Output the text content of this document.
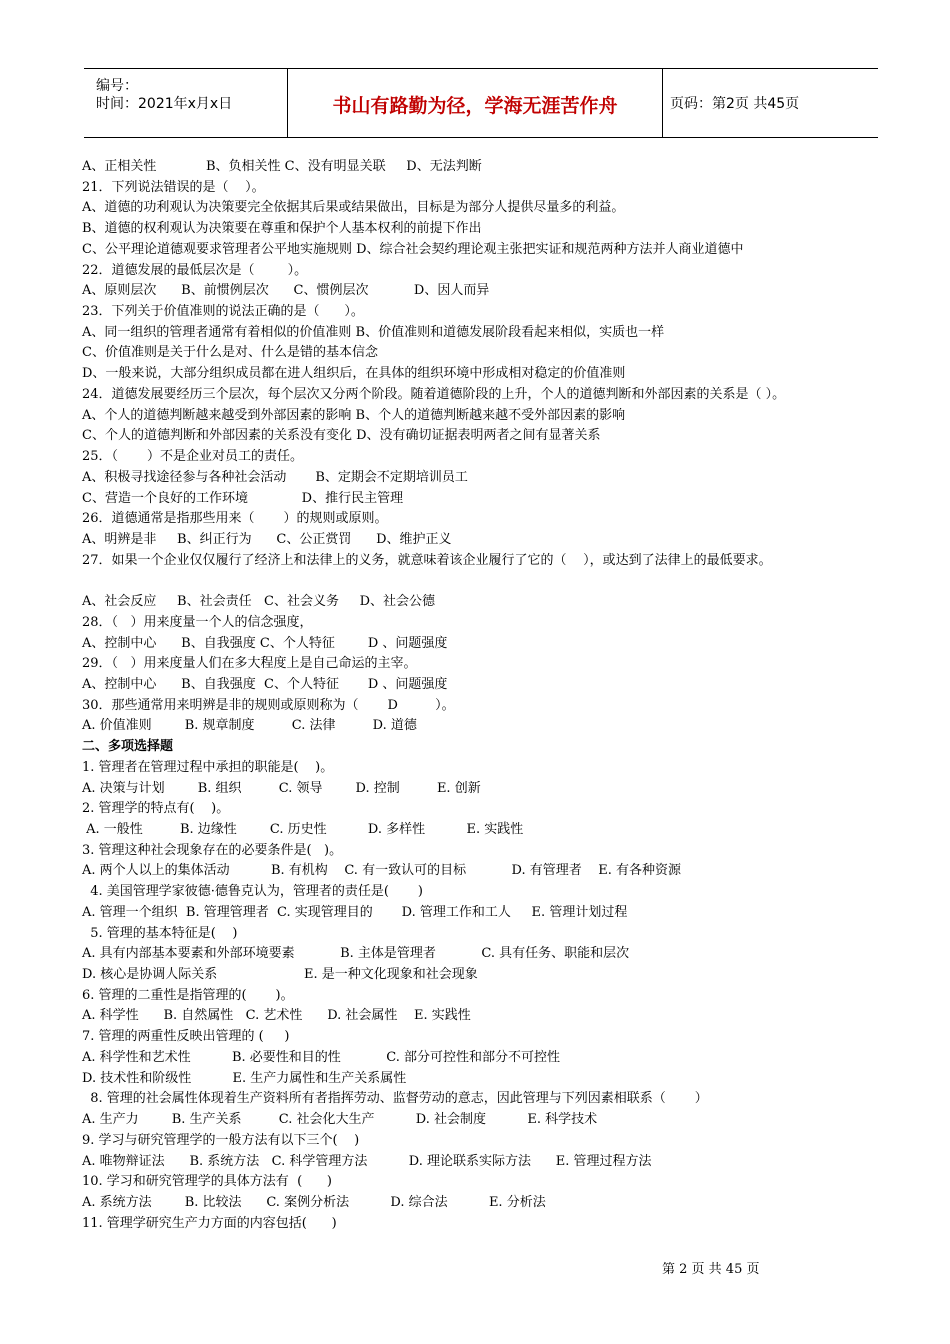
编号：
时间：2021年x月x日	书山有路勤为径，学海无涯苦作舟	页码：第2页 共45页
A、正相关性            B、负相关性 C、没有明显关联     D、无法判断
21．下列说法错误的是（    ）。
A、道德的功利观认为决策要完全依据其后果或结果做出，目标是为部分人提供尽量多的利益。
B、道德的权利观认为决策要在尊重和保护个人基本权利的前提下作出
C、公平理论道德观要求管理者公平地实施规则 D、综合社会契约理论观主张把实证和规范两种方法并人商业道德中
22．道德发展的最低层次是（        ）。
A、原则层次      B、前惯例层次      C、惯例层次           D、因人而异
23．下列关于价值准则的说法正确的是（      ）。
A、同一组织的管理者通常有着相似的价值准则 B、价值准则和道德发展阶段看起来相似，实质也一样
C、价值准则是关于什么是对、什么是错的基本信念
D、一般来说，大部分组织成员都在进人组织后，在具体的组织环境中形成相对稳定的价值准则
24．道德发展要经历三个层次，每个层次又分两个阶段。随着道德阶段的上升，个人的道德判断和外部因素的关系是（ ）。
A、个人的道德判断越来越受到外部因素的影响 B、个人的道德判断越来越不受外部因素的影响
C、个人的道德判断和外部因素的关系没有变化 D、没有确切证据表明两者之间有显著关系
25．（       ）不是企业对员工的责任。
A、积极寻找途径参与各种社会活动       B、定期会不定期培训员工
C、营造一个良好的工作环境             D、推行民主管理
26．道德通常是指那些用来（       ）的规则或原则。
A、明辨是非     B、纠正行为      C、公正赏罚      D、维护正义
27．如果一个企业仅仅履行了经济上和法律上的义务，就意味着该企业履行了它的（    ），或达到了法律上的最低要求。
A、社会反应     B、社会责任   C、社会义务     D、社会公德
28．（   ）用来度量一个人的信念强度，
A、控制中心      B、自我强度 C、个人特征        D 、问题强度
29．（   ）用来度量人们在多大程度上是自己命运的主宰。
A、控制中心      B、自我强度  C、个人特征       D 、问题强度
30．那些通常用来明辨是非的规则或原则称为（       D         ）。
A. 价值准则        B. 规章制度         C. 法律         D. 道德
二、多项选择题
1. 管理者在管理过程中承担的职能是(    )。
A. 决策与计划        B. 组织         C. 领导        D. 控制         E. 创新
2. 管理学的特点有(    )。
A. 一般性         B. 边缘性        C. 历史性          D. 多样性          E. 实践性
3. 管理这种社会现象存在的必要条件是(   )。
A. 两个人以上的集体活动          B. 有机构    C. 有一致认可的目标           D. 有管理者    E. 有各种资源
4. 美国管理学家彼德·德鲁克认为，管理者的责任是(       )
A. 管理一个组织  B. 管理管理者  C. 实现管理目的       D. 管理工作和工人     E. 管理计划过程
5. 管理的基本特征是(    )
A. 具有内部基本要素和外部环境要素           B. 主体是管理者           C. 具有任务、职能和层次
D. 核心是协调人际关系                     E. 是一种文化现象和社会现象
6. 管理的二重性是指管理的(       )。
A. 科学性      B. 自然属性   C. 艺术性      D. 社会属性    E. 实践性
7. 管理的两重性反映出管理的 (     )
A. 科学性和艺术性          B. 必要性和目的性           C. 部分可控性和部分不可控性
D. 技术性和阶级性          E. 生产力属性和生产关系属性
8. 管理的社会属性体现着生产资料所有者指挥劳动、监督劳动的意志，因此管理与下列因素相联系（       ）
A. 生产力        B. 生产关系         C. 社会化大生产          D. 社会制度          E. 科学技术
9. 学习与研究管理学的一般方法有以下三个(    )
A. 唯物辩证法      B. 系统方法   C. 科学管理方法          D. 理论联系实际方法      E. 管理过程方法
10. 学习和研究管理学的具体方法有  (      )
A. 系统方法        B. 比较法      C. 案例分析法          D. 综合法          E. 分析法
11. 管理学研究生产力方面的内容包括(      )
第 2 页 共 45 页
